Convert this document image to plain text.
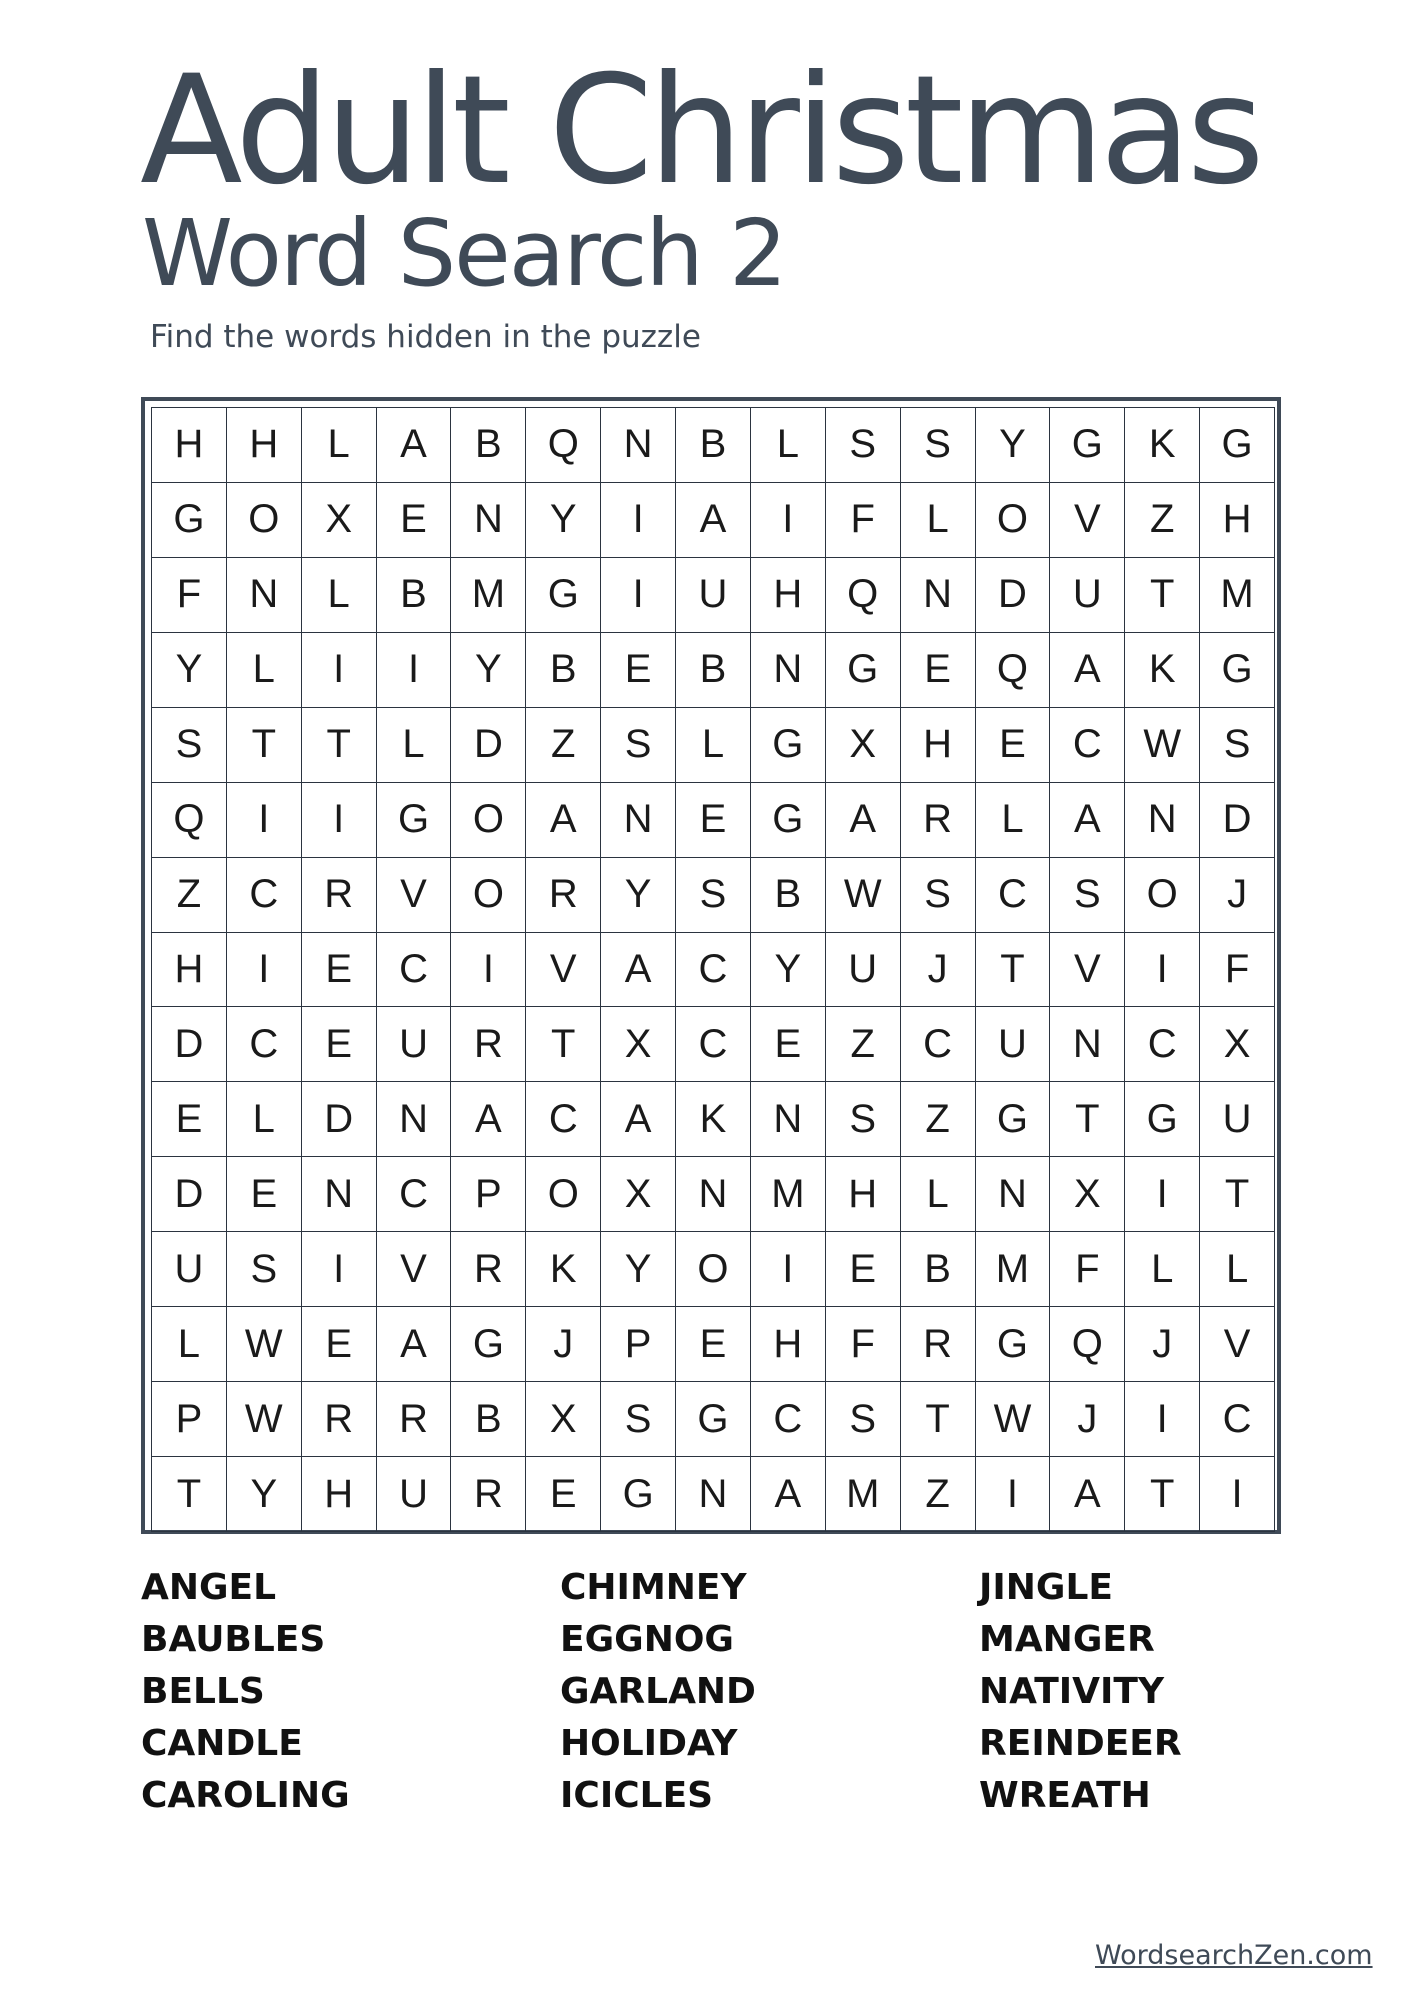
Adult Christmas
Word Search 2

Find the words hidden in the puzzle

H	H	L	A	B	Q	N	B	L	S	S	Y	G	K	G
G	O	X	E	N	Y	I	A	I	F	L	O	V	Z	H
F	N	L	B	M	G	I	U	H	Q	N	D	U	T	M
Y	L	I	I	Y	B	E	B	N	G	E	Q	A	K	G
S	T	T	L	D	Z	S	L	G	X	H	E	C	W	S
Q	I	I	G	O	A	N	E	G	A	R	L	A	N	D
Z	C	R	V	O	R	Y	S	B	W	S	C	S	O	J
H	I	E	C	I	V	A	C	Y	U	J	T	V	I	F
D	C	E	U	R	T	X	C	E	Z	C	U	N	C	X
E	L	D	N	A	C	A	K	N	S	Z	G	T	G	U
D	E	N	C	P	O	X	N	M	H	L	N	X	I	T
U	S	I	V	R	K	Y	O	I	E	B	M	F	L	L
L	W	E	A	G	J	P	E	H	F	R	G	Q	J	V
P	W	R	R	B	X	S	G	C	S	T	W	J	I	C
T	Y	H	U	R	E	G	N	A	M	Z	I	A	T	I
ANGEL
BAUBLES
BELLS
CANDLE
CAROLING
CHIMNEY
EGGNOG
GARLAND
HOLIDAY
ICICLES
JINGLE
MANGER
NATIVITY
REINDEER
WREATH
WordsearchZen.com
